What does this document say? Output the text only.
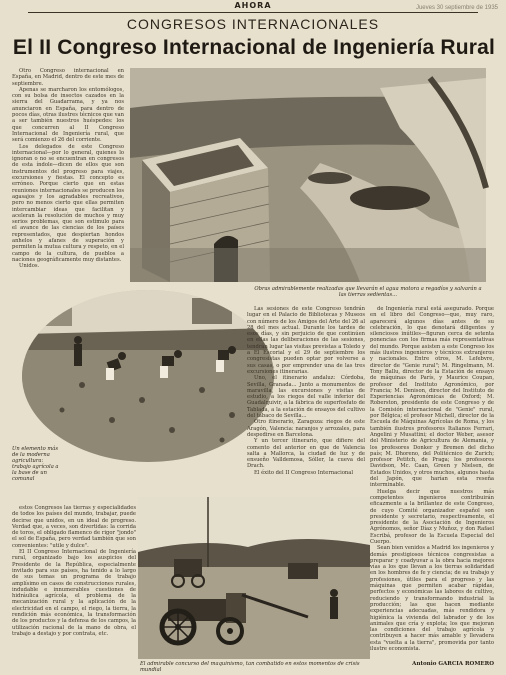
AHORA	Jueves 30 septiembre de 1935
CONGRESOS INTERNACIONALES
El II Congreso Internacional de Ingeniería Rural

Otro Congreso internacional en España, en Madrid, dentro de este mes de septiembre.

Apenas se marcharon los entomólogos, con su bolsa de insectos cazados en la sierra del Guadarrama, y ya nos anunciaron en España, para dentro de pocos días, otras ilustres técnicos que van a ser también nuestros huéspedes: los que concurren al II Congreso Internacional de Ingeniería rural, que será comienzo el 26 del corriente.

Los delegados de este Congreso internacional—por lo general, quienes lo ignoran o no se encuentran en congresos de esta índole—dicen de ellos que son instrumentos del progreso para viajes, excursiones y fiestas. El concepto es erróneo. Porque cierto que en estas reuniones internacionales se producen los agasajos y los agradables recreativos, pero no menos cierto que ellas permiten intercambiar ideas que facilitan y aceleran la resolución de muchos y muy serios problemas, que son estimulo para el avance de las ciencias de los países representados, que despiertan hondos anhelos y afanes de superación y permiten la mutua cultura y respeto, en el campo de la cultura, de pueblos a naciones geográficamente muy distantes.

Unidos.

Obras admirablemente realizadas que llevarán el agua motora a regadíos y salvarán a las tierras sedientas...
Un elemento más de la moderna agricultura: trabajo agrícola a la base de un comunal

Las sesiones de este Congreso tendrán lugar en el Palacio de Bibliotecas y Museos con número de los Amigos del Arte del 26 al 28 del mes actual. Durante los tardes de esos días, y sin perjuicio de que continúen en ellas las deliberaciones de las sesiones, tendrán lugar las visitas previstas a Toledo y a El Escorial y el 29 de septiembre los congresistas pueden optar por volverse a sus casas, o por emprender una de las tres excursiones itinerarias.

Uno, el itinerario andaluz: Córdoba, Sevilla, Granada... Junto a monumentos de maravilla, las excursiones y visitas de estudio, a los riegos del valle inferior del Guadalquivir, a la fábrica de superfosfato de Tablada, a la estación de ensayos del cultivo del tabaco de Sevilla...

Otro itinerario, Zaragoza: riegos de este Aragón, Valencia: naranjos y arrozales, para despedirse en Barcelona.

Y un tercer itinerario, que difiere del comento del anterior en que de Valencia salta a Mallorca, la ciudad de luz y de ensueño Valldemosa, Sóller, la cueva del Drach.

El éxito del II Congreso Internacional

de Ingeniería rural está asegurado. Porque en el libro del Congreso—que, muy raro, aparecerá algunos días antes de su celebración, lo que denotará diligentes y silenciosos inútiles—figuran cerca de setenta ponencias con los firmas más representativas del mundo. Porque asisten a este Congreso los más ilustres ingenieros y técnicos extranjeros y nacionales. Entre otros, M. Lefebvre, director de "Genie rural"; M. Ringelmann, M. Tony Ballu, director de la Estación de ensayo de máquinas de París, y Maurice Coupan, profesor del Instituto Agronómico, por Francia; M. Denison, director del Instituto de Experiencias Agronómicas de Oxford; M. Roberston, presidente de este Congreso y de la Comisión internacional de "Genie" rural, por Bélgica; el profesor Michell, director de la Escuela de Máquinas Agrícolas de Roma, y los también ilustres profesores Italianos Ferrari, Angelini y Musattini; el doctor Weber, asesor del Ministerio de Agricultura de Alemania, y los profesores Donker y Bremen del dicho país; M. Dhoreno, del Politécnico de Zurich; profesor Petitch, de Praga; los profesores Davidson, Mc. Caan, Green y Nielsen, de Estados Unidos, y otros muchos, algunos hasta del Japón, que harían esta reseña interminable.

Huelga decir que nuestros más competentes ingenieros contribuirán eficazmente a la brillantez de este Congreso, de cuyo Comité organizador español son presidente y secretario, respectivamente, el presidente de la Asociación de Ingenieros Agrónomos, señor Díaz y Muñoz, y don Rafael Escribá, profesor de la Escuela Especial del Cuerpo.

Sean bien venidos a Madrid los ingenieros y demás prestigiosos técnicos congresistas a preparar y coadyuvar a la obra hacia mejores vías a los que llevan a los tierras solidaridad en los hombres de fe y ciencia; de su trabajo y profesiones, útiles para el progreso y las máquinas que permiten acabar rápidas, perfectos y económicas las labores de cultivo, reduciendo y transformando industrial la producción; las que hacen mediante experiencias adecuadas, más rendidora y higiénica la vivienda del labrador y de los animales que cría y explota; los que mejoran las condiciones del trabajo agrícola y contribuyen a hacer más amable y llevadera esta "vuelta a la tierra", promovida por tanto ilustre economista.

Antonio GARCIA ROMERO

estos Congresos las tierras y especialidades de todos los países del mundo, trabajar, puede decirse que unidos, en un ideal de progreso. Verdad que, a veces, son divertidas: la corrida de toros, el obligado flamenco de rigor "jondo" el sol de España, pero verdad también que son convenientes: "utile y dulce".

El II Congreso Internacional de Ingeniería rural, organizado bajo los auspicios del Presidente de la República, especialmente invitado para sus países, ha tenido a lo largo de sus temas un programa de trabajo amplísimo en casos de construcciones rurales, indudable e innumerables cuestiones de hidráulica agrícola, el problema de la mecanización rural y la aplicación de la electricidad en el campo, el riego, la tierra, la rendición más económica, la transformación de los productos y la defensa de los campos, la utilización racional de la mano de obra, el trabajo a destajo y por contrata, etc.

El admirable concurso del maquinismo, tan combatido en estos momentos de crisis mundial
